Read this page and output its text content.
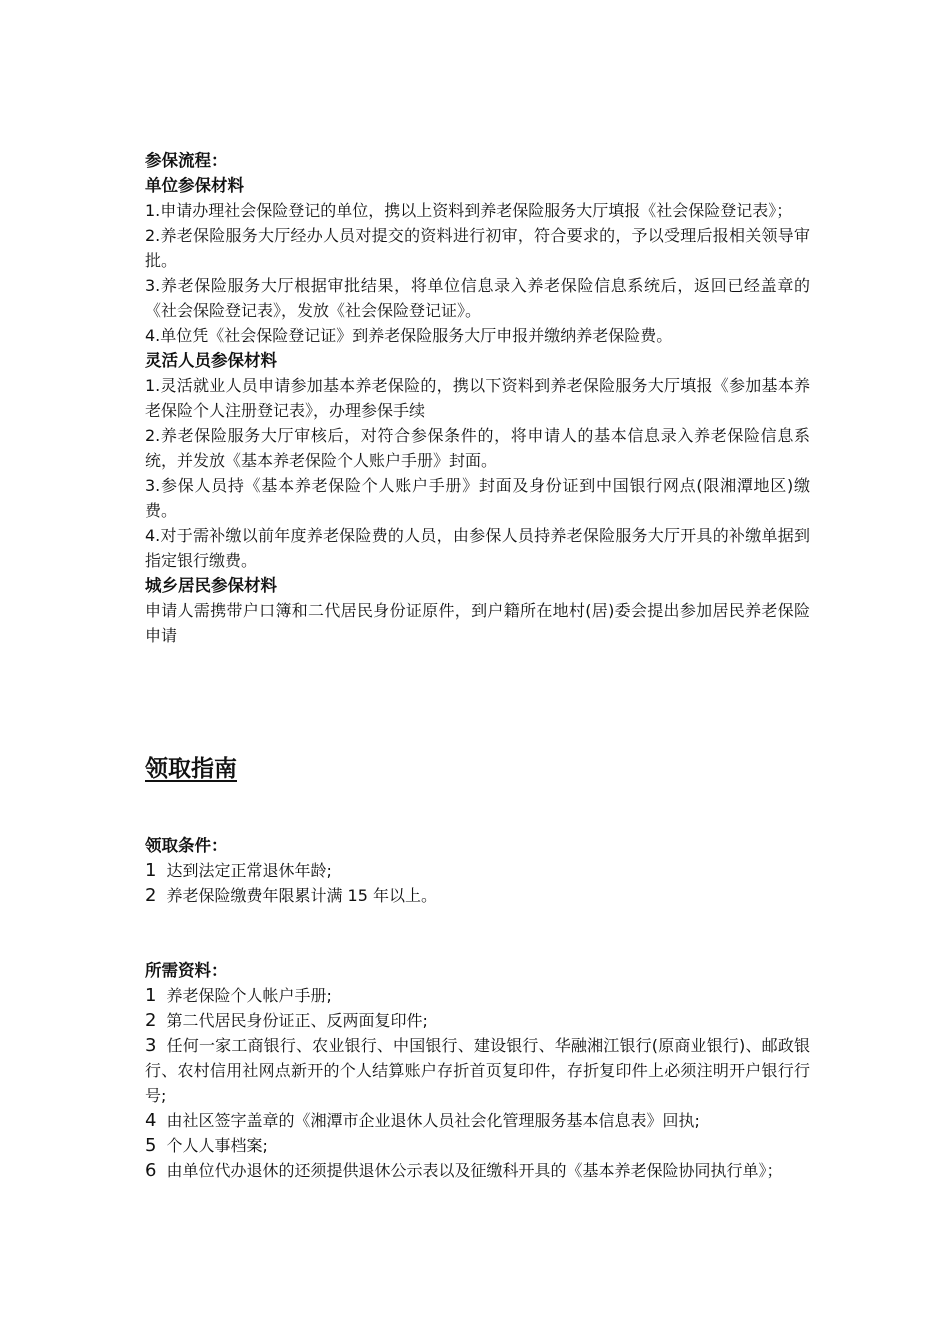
参保流程：

单位参保材料

1.申请办理社会保险登记的单位，携以上资料到养老保险服务大厅填报《社会保险登记表》；

2.养老保险服务大厅经办人员对提交的资料进行初审，符合要求的，予以受理后报相关领导审批。

3.养老保险服务大厅根据审批结果，将单位信息录入养老保险信息系统后，返回已经盖章的《社会保险登记表》，发放《社会保险登记证》。

4.单位凭《社会保险登记证》到养老保险服务大厅申报并缴纳养老保险费。

灵活人员参保材料

1.灵活就业人员申请参加基本养老保险的，携以下资料到养老保险服务大厅填报《参加基本养老保险个人注册登记表》，办理参保手续

2.养老保险服务大厅审核后，对符合参保条件的，将申请人的基本信息录入养老保险信息系统，并发放《基本养老保险个人账户手册》封面。

3.参保人员持《基本养老保险个人账户手册》封面及身份证到中国银行网点(限湘潭地区)缴费。

4.对于需补缴以前年度养老保险费的人员，由参保人员持养老保险服务大厅开具的补缴单据到指定银行缴费。

城乡居民参保材料

申请人需携带户口簿和二代居民身份证原件，到户籍所在地村(居)委会提出参加居民养老保险申请

领取指南

领取条件：

1 达到法定正常退休年龄;

2 养老保险缴费年限累计满 15 年以上。

所需资料：

1 养老保险个人帐户手册;

2 第二代居民身份证正、反两面复印件;

3 任何一家工商银行、农业银行、中国银行、建设银行、华融湘江银行(原商业银行)、邮政银行、农村信用社网点新开的个人结算账户存折首页复印件，存折复印件上必须注明开户银行行号;

4 由社区签字盖章的《湘潭市企业退休人员社会化管理服务基本信息表》回执;

5 个人人事档案;

6 由单位代办退休的还须提供退休公示表以及征缴科开具的《基本养老保险协同执行单》；
